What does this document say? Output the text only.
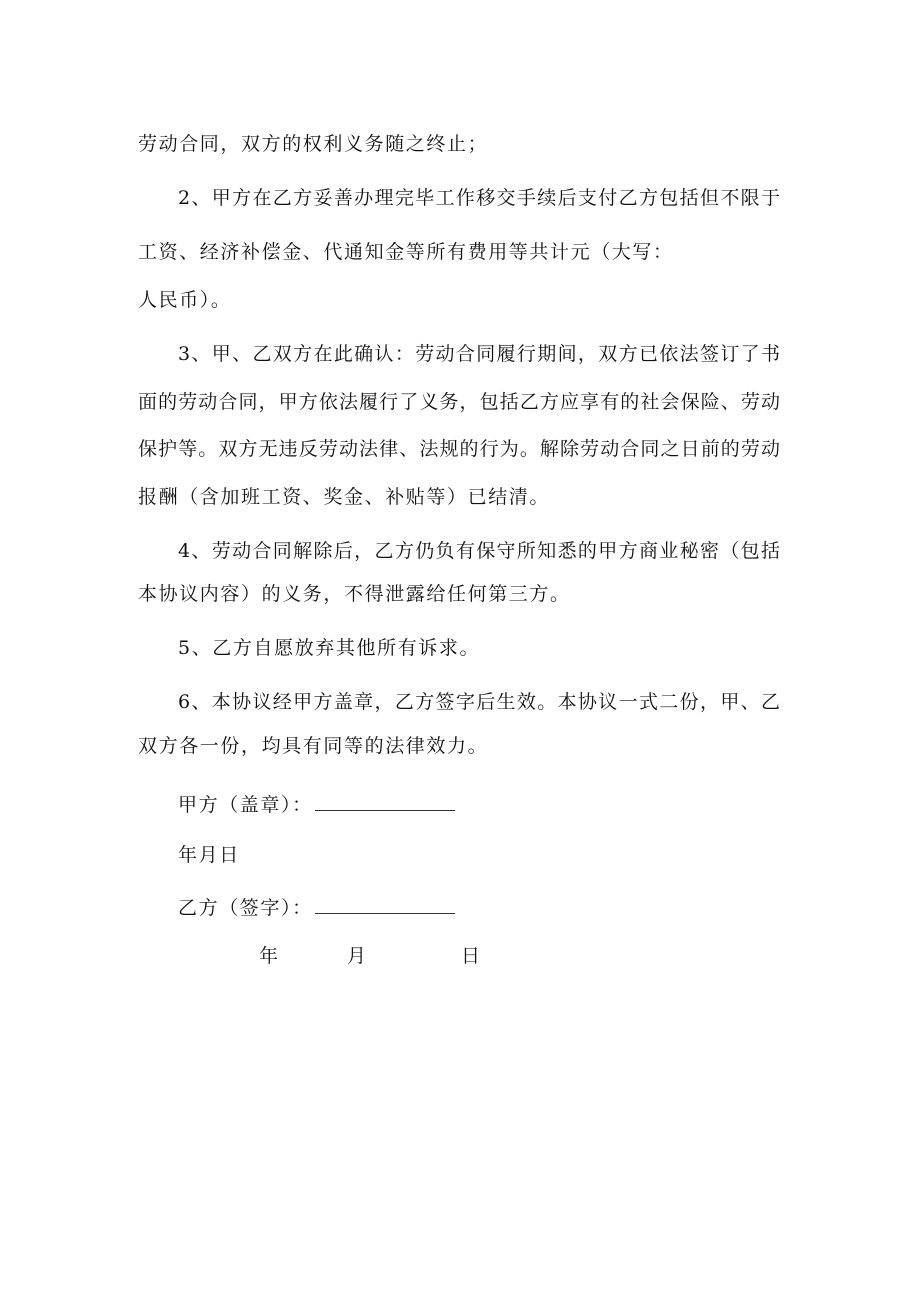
劳动合同，双方的权利义务随之终止；
2、甲方在乙方妥善办理完毕工作移交手续后支付乙方包括但不限于
工资、经济补偿金、代通知金等所有费用等共计元（大写：
人民币）。
3、甲、乙双方在此确认：劳动合同履行期间，双方已依法签订了书
面的劳动合同，甲方依法履行了义务，包括乙方应享有的社会保险、劳动
保护等。双方无违反劳动法律、法规的行为。解除劳动合同之日前的劳动
报酬（含加班工资、奖金、补贴等）已结清。
4、劳动合同解除后，乙方仍负有保守所知悉的甲方商业秘密（包括
本协议内容）的义务，不得泄露给任何第三方。
5、乙方自愿放弃其他所有诉求。
6、本协议经甲方盖章，乙方签字后生效。本协议一式二份，甲、乙
双方各一份，均具有同等的法律效力。
甲方（盖章）：
年月日
乙方（签字）：
年	月	日
